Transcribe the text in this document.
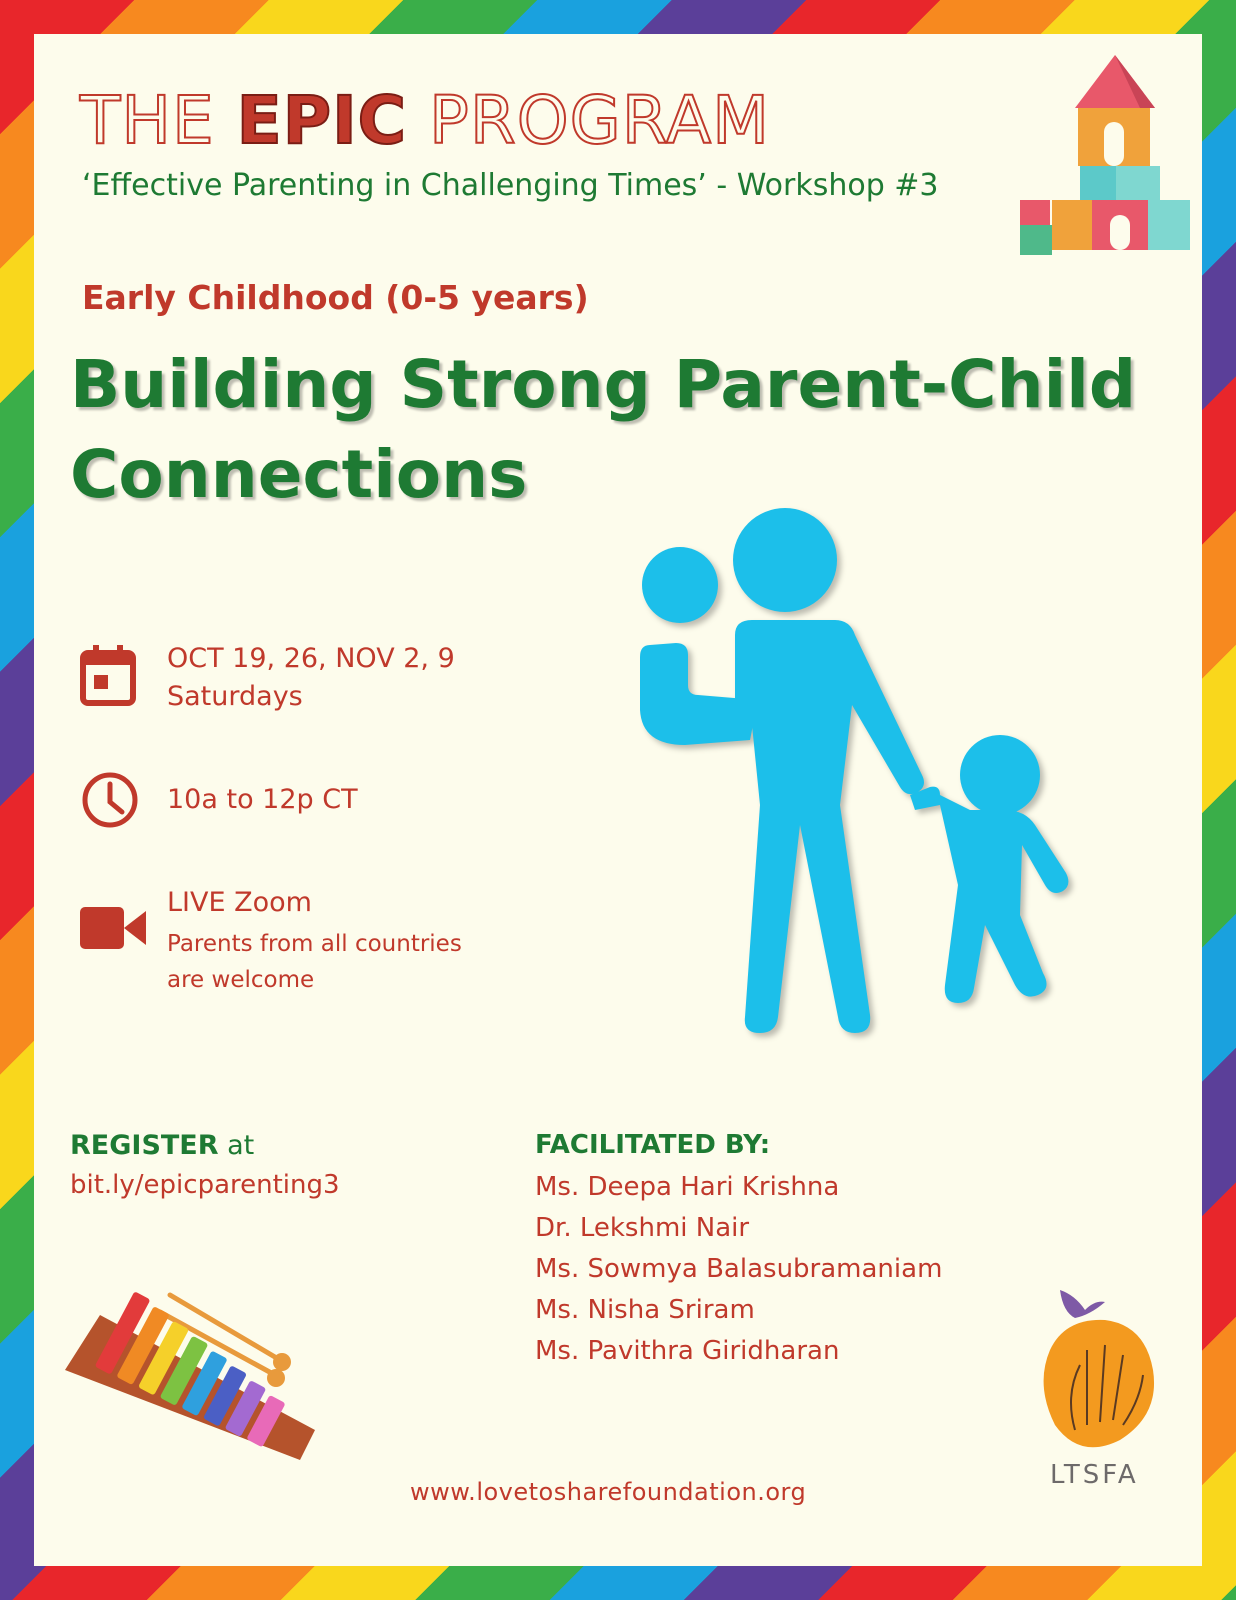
THE EPIC PROGRAM
‘Effective Parenting in Challenging Times’ - Workshop #3
Early Childhood (0-5 years)
Building Strong Parent-Child Connections
OCT 19, 26, NOV 2, 9
Saturdays
10a to 12p CT
LIVE Zoom
Parents from all countries
are welcome
REGISTER at
bit.ly/epicparenting3
FACILITATED BY:
Ms. Deepa Hari Krishna
Dr. Lekshmi Nair
Ms. Sowmya Balasubramaniam
Ms. Nisha Sriram
Ms. Pavithra Giridharan
LTSFA
www.lovetosharefoundation.org
